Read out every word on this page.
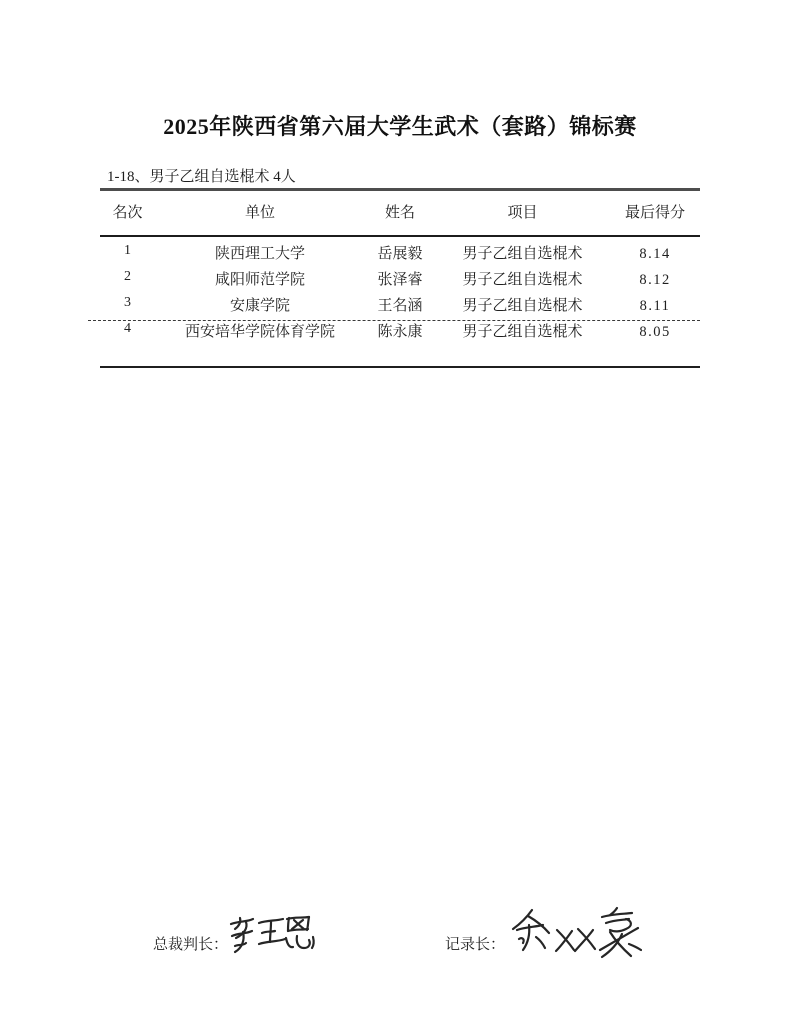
2025年陕西省第六届大学生武术（套路）锦标赛
1-18、男子乙组自选棍术 4人
名次	单位	姓名	项目	最后得分
1	陕西理工大学	岳展毅	男子乙组自选棍术	8.14
2	咸阳师范学院	张泽睿	男子乙组自选棍术	8.12
3	安康学院	王名涵	男子乙组自选棍术	8.11
4	西安培华学院体育学院	陈永康	男子乙组自选棍术	8.05
总裁判长：	记录长：
